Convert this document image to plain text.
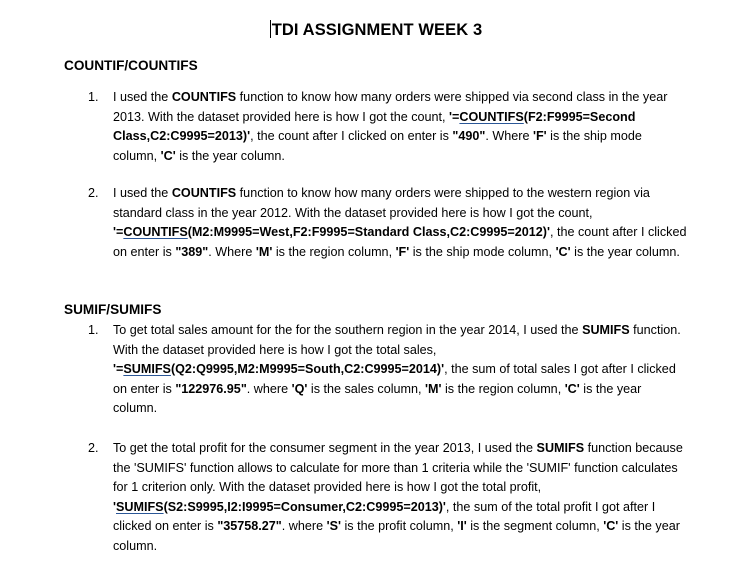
TDI ASSIGNMENT WEEK 3
COUNTIF/COUNTIFS
1.	I used the COUNTIFS function to know how many orders were shipped via second class in the year 2013. With the dataset provided here is how I got the count, '=COUNTIFS(F2:F9995=Second Class,C2:C9995=2013)', the count after I clicked on enter is "490". Where 'F' is the ship mode column, 'C' is the year column.
2.	I used the COUNTIFS function to know how many orders were shipped to the western region via standard class in the year 2012. With the dataset provided here is how I got the count, '=COUNTIFS(M2:M9995=West,F2:F9995=Standard Class,C2:C9995=2012)', the count after I clicked on enter is "389". Where 'M' is the region column, 'F' is the ship mode column, 'C' is the year column.
SUMIF/SUMIFS
1.	To get total sales amount for the for the southern region in the year 2014, I used the SUMIFS function. With the dataset provided here is how I got the total sales, '=SUMIFS(Q2:Q9995,M2:M9995=South,C2:C9995=2014)', the sum of total sales I got after I clicked on enter is "122976.95". where 'Q' is the sales column, 'M' is the region column, 'C' is the year column.
2.	To get the total profit for the consumer segment in the year 2013, I used the SUMIFS function because the 'SUMIFS' function allows to calculate for more than 1 criteria while the 'SUMIF' function calculates for 1 criterion only. With the dataset provided here is how I got the total profit, 'SUMIFS(S2:S9995,I2:I9995=Consumer,C2:C9995=2013)', the sum of the total profit I got after I clicked on enter is "35758.27". where 'S' is the profit column, 'I' is the segment column, 'C' is the year column.
